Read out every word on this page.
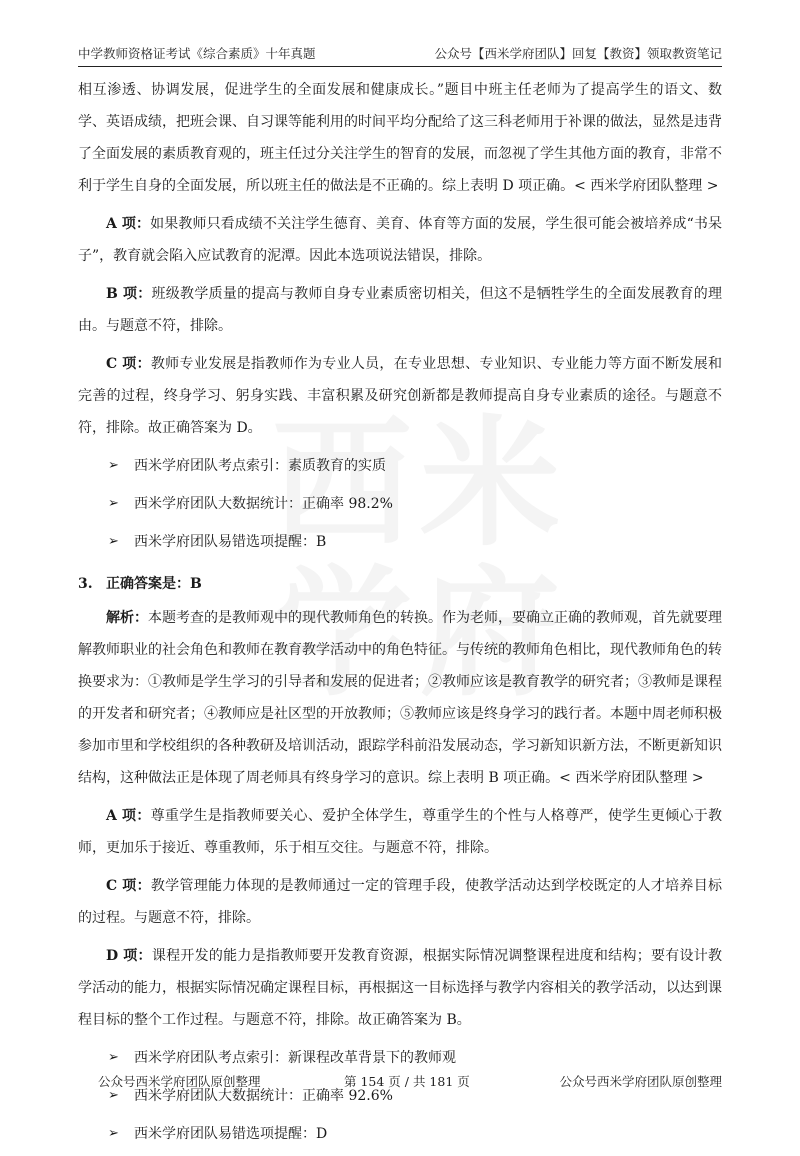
中学教师资格证考试《综合素质》十年真题	公众号【西米学府团队】回复【教资】领取教资笔记

相互渗透、协调发展，促进学生的全面发展和健康成长。”题目中班主任老师为了提高学生的语文、数学、英语成绩，把班会课、自习课等能利用的时间平均分配给了这三科老师用于补课的做法，显然是违背了全面发展的素质教育观的，班主任过分关注学生的智育的发展，而忽视了学生其他方面的教育，非常不利于学生自身的全面发展，所以班主任的做法是不正确的。综上表明 D 项正确。< 西米学府团队整理 >

A 项：如果教师只看成绩不关注学生德育、美育、体育等方面的发展，学生很可能会被培养成“书呆子”，教育就会陷入应试教育的泥潭。因此本选项说法错误，排除。

B 项：班级教学质量的提高与教师自身专业素质密切相关，但这不是牺牲学生的全面发展教育的理由。与题意不符，排除。

C 项：教师专业发展是指教师作为专业人员，在专业思想、专业知识、专业能力等方面不断发展和完善的过程，终身学习、躬身实践、丰富积累及研究创新都是教师提高自身专业素质的途径。与题意不符，排除。故正确答案为 D。

➢ 西米学府团队考点索引：素质教育的实质
➢ 西米学府团队大数据统计：正确率 98.2%
➢ 西米学府团队易错选项提醒：B
3. 正确答案是：B

解析：本题考查的是教师观中的现代教师角色的转换。作为老师，要确立正确的教师观，首先就要理解教师职业的社会角色和教师在教育教学活动中的角色特征。与传统的教师角色相比，现代教师角色的转换要求为：①教师是学生学习的引导者和发展的促进者；②教师应该是教育教学的研究者；③教师是课程的开发者和研究者；④教师应是社区型的开放教师；⑤教师应该是终身学习的践行者。本题中周老师积极参加市里和学校组织的各种教研及培训活动，跟踪学科前沿发展动态，学习新知识新方法，不断更新知识结构，这种做法正是体现了周老师具有终身学习的意识。综上表明 B 项正确。< 西米学府团队整理 >

A 项：尊重学生是指教师要关心、爱护全体学生，尊重学生的个性与人格尊严，使学生更倾心于教师，更加乐于接近、尊重教师，乐于相互交往。与题意不符，排除。

C 项：教学管理能力体现的是教师通过一定的管理手段，使教学活动达到学校既定的人才培养目标的过程。与题意不符，排除。

D 项：课程开发的能力是指教师要开发教育资源，根据实际情况调整课程进度和结构；要有设计教学活动的能力，根据实际情况确定课程目标，再根据这一目标选择与教学内容相关的教学活动，以达到课程目标的整个工作过程。与题意不符，排除。故正确答案为 B。

➢ 西米学府团队考点索引：新课程改革背景下的教师观
➢ 西米学府团队大数据统计：正确率 92.6%
➢ 西米学府团队易错选项提醒：D
公众号西米学府团队原创整理	第 154 页 / 共 181 页	公众号西米学府团队原创整理
